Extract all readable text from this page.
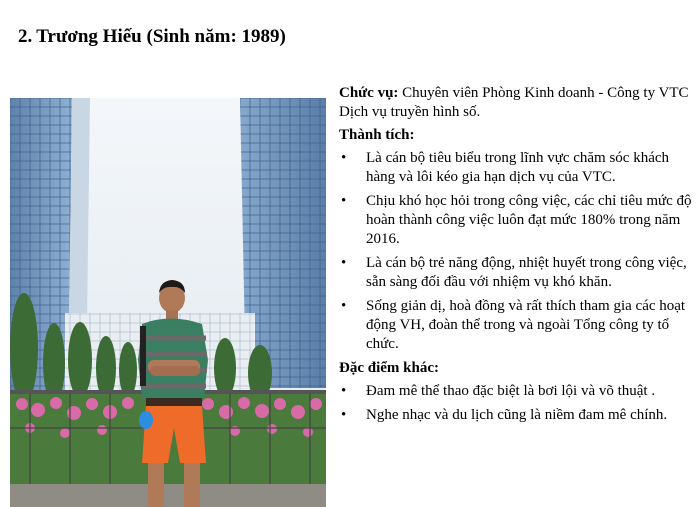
2. Trương Hiếu (Sinh năm: 1989)
Chức vụ: Chuyên viên Phòng Kinh doanh - Công ty VTC Dịch vụ truyền hình số.
Thành tích:
• Là cán bộ tiêu biểu trong lĩnh vực chăm sóc khách hàng và lôi kéo gia hạn dịch vụ của VTC.
• Chịu khó học hỏi trong công việc, các chỉ tiêu mức độ hoàn thành công việc luôn đạt mức 180% trong năm 2016.
• Là cán bộ trẻ năng động, nhiệt huyết trong công việc, sẵn sàng đối đầu với nhiệm vụ khó khăn.
• Sống giản dị, hoà đồng và rất thích tham gia các hoạt động VH, đoàn thể trong và ngoài Tổng công ty tổ chức.
Đặc điểm khác:
• Đam mê thể thao đặc biệt là bơi lội và võ thuật .
• Nghe nhạc và du lịch cũng là niềm đam mê chính.
